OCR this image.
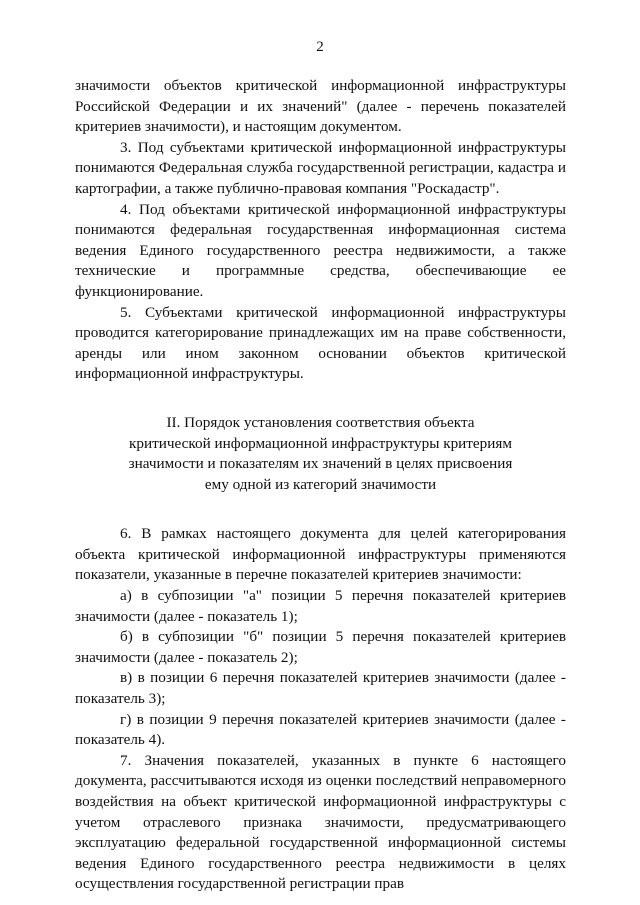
2

значимости объектов критической информационной инфраструктуры Российской Федерации и их значений" (далее - перечень показателей критериев значимости), и настоящим документом.

3. Под субъектами критической информационной инфраструктуры понимаются Федеральная служба государственной регистрации, кадастра и картографии, а также публично-правовая компания "Роскадастр".

4. Под объектами критической информационной инфраструктуры понимаются федеральная государственная информационная система ведения Единого государственного реестра недвижимости, а также технические и программные средства, обеспечивающие ее функционирование.

5. Субъектами критической информационной инфраструктуры проводится категорирование принадлежащих им на праве собственности, аренды или ином законном основании объектов критической информационной инфраструктуры.

II. Порядок установления соответствия объекта
критической информационной инфраструктуры критериям
значимости и показателям их значений в целях присвоения
ему одной из категорий значимости

6. В рамках настоящего документа для целей категорирования объекта критической информационной инфраструктуры применяются показатели, указанные в перечне показателей критериев значимости:

а) в субпозиции "а" позиции 5 перечня показателей критериев значимости (далее - показатель 1);

б) в субпозиции "б" позиции 5 перечня показателей критериев значимости (далее - показатель 2);

в) в позиции 6 перечня показателей критериев значимости (далее - показатель 3);

г) в позиции 9 перечня показателей критериев значимости (далее - показатель 4).

7. Значения показателей, указанных в пункте 6 настоящего документа, рассчитываются исходя из оценки последствий неправомерного воздействия на объект критической информационной инфраструктуры с учетом отраслевого признака значимости, предусматривающего эксплуатацию федеральной государственной информационной системы ведения Единого государственного реестра недвижимости в целях осуществления государственной регистрации прав
